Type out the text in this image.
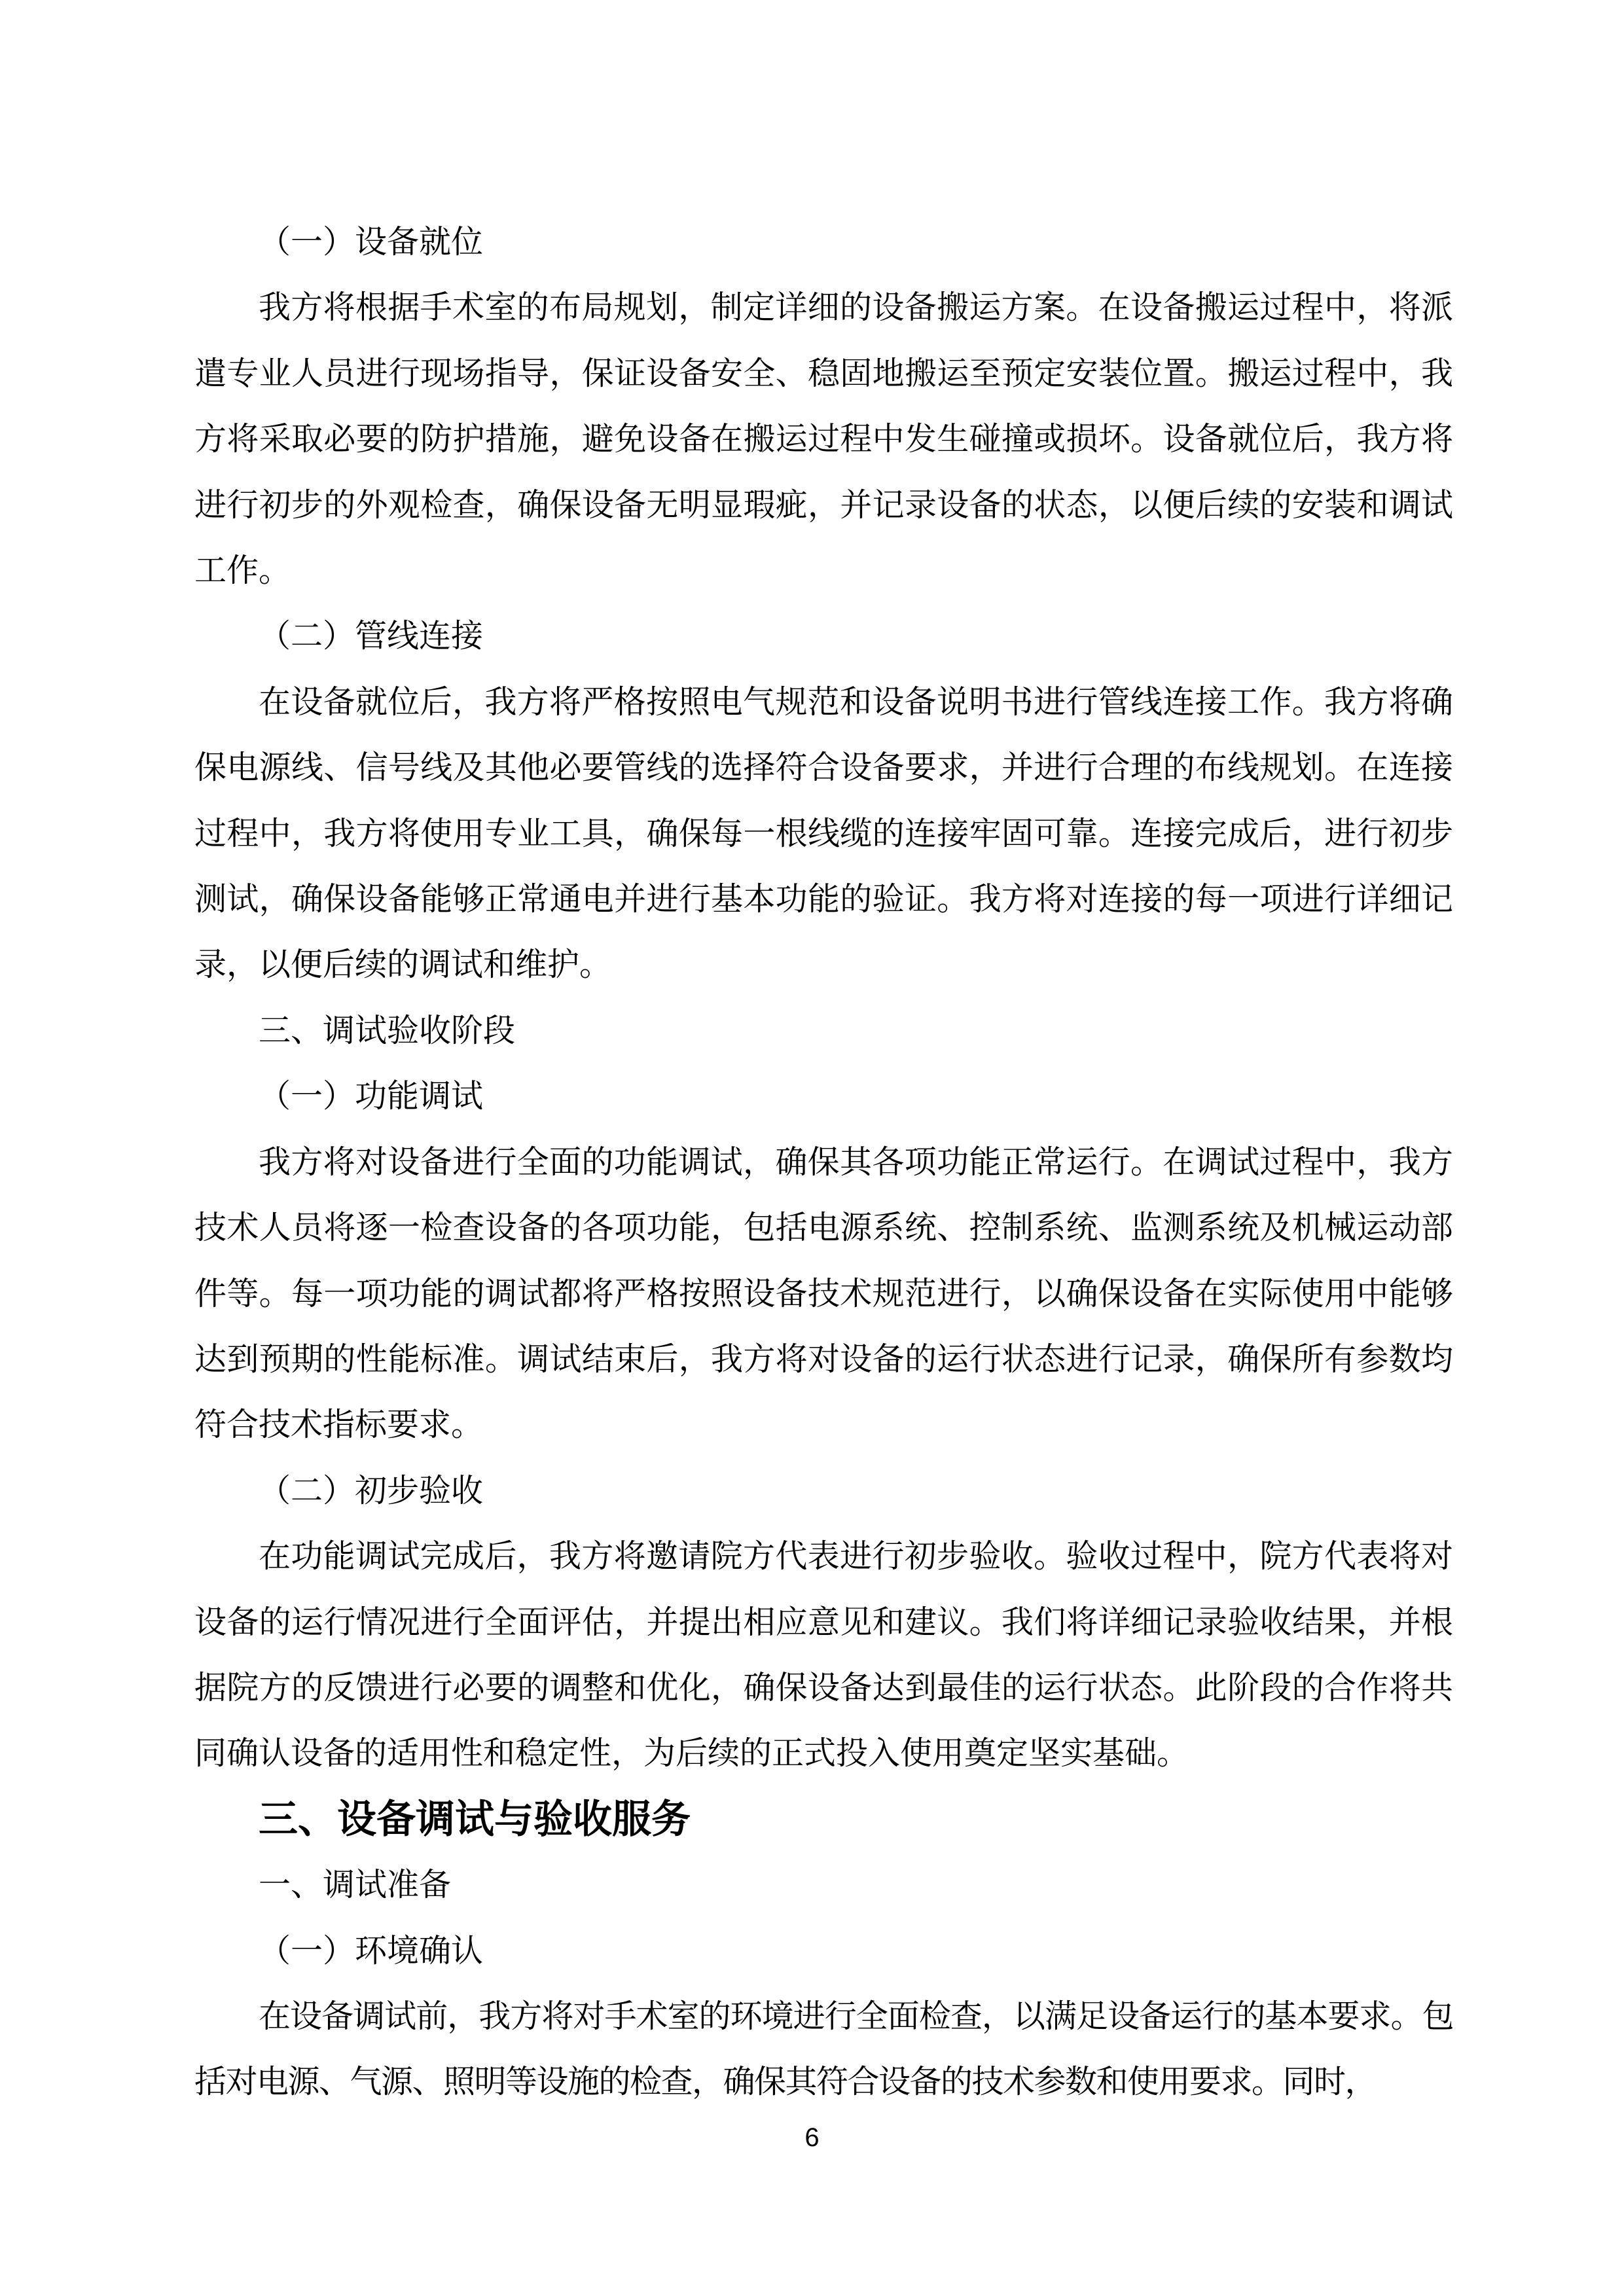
（一）设备就位

我方将根据手术室的布局规划，制定详细的设备搬运方案。在设备搬运过程中，将派遣专业人员进行现场指导，保证设备安全、稳固地搬运至预定安装位置。搬运过程中，我方将采取必要的防护措施，避免设备在搬运过程中发生碰撞或损坏。设备就位后，我方将进行初步的外观检查，确保设备无明显瑕疵，并记录设备的状态，以便后续的安装和调试工作。

（二）管线连接

在设备就位后，我方将严格按照电气规范和设备说明书进行管线连接工作。我方将确保电源线、信号线及其他必要管线的选择符合设备要求，并进行合理的布线规划。在连接过程中，我方将使用专业工具，确保每一根线缆的连接牢固可靠。连接完成后，进行初步测试，确保设备能够正常通电并进行基本功能的验证。我方将对连接的每一项进行详细记录，以便后续的调试和维护。

三、调试验收阶段

（一）功能调试

我方将对设备进行全面的功能调试，确保其各项功能正常运行。在调试过程中，我方技术人员将逐一检查设备的各项功能，包括电源系统、控制系统、监测系统及机械运动部件等。每一项功能的调试都将严格按照设备技术规范进行，以确保设备在实际使用中能够达到预期的性能标准。调试结束后，我方将对设备的运行状态进行记录，确保所有参数均符合技术指标要求。

（二）初步验收

在功能调试完成后，我方将邀请院方代表进行初步验收。验收过程中，院方代表将对设备的运行情况进行全面评估，并提出相应意见和建议。我们将详细记录验收结果，并根据院方的反馈进行必要的调整和优化，确保设备达到最佳的运行状态。此阶段的合作将共同确认设备的适用性和稳定性，为后续的正式投入使用奠定坚实基础。

三、设备调试与验收服务

一、调试准备

（一）环境确认

在设备调试前，我方将对手术室的环境进行全面检查，以满足设备运行的基本要求。包括对电源、气源、照明等设施的检查，确保其符合设备的技术参数和使用要求。同时，

6
